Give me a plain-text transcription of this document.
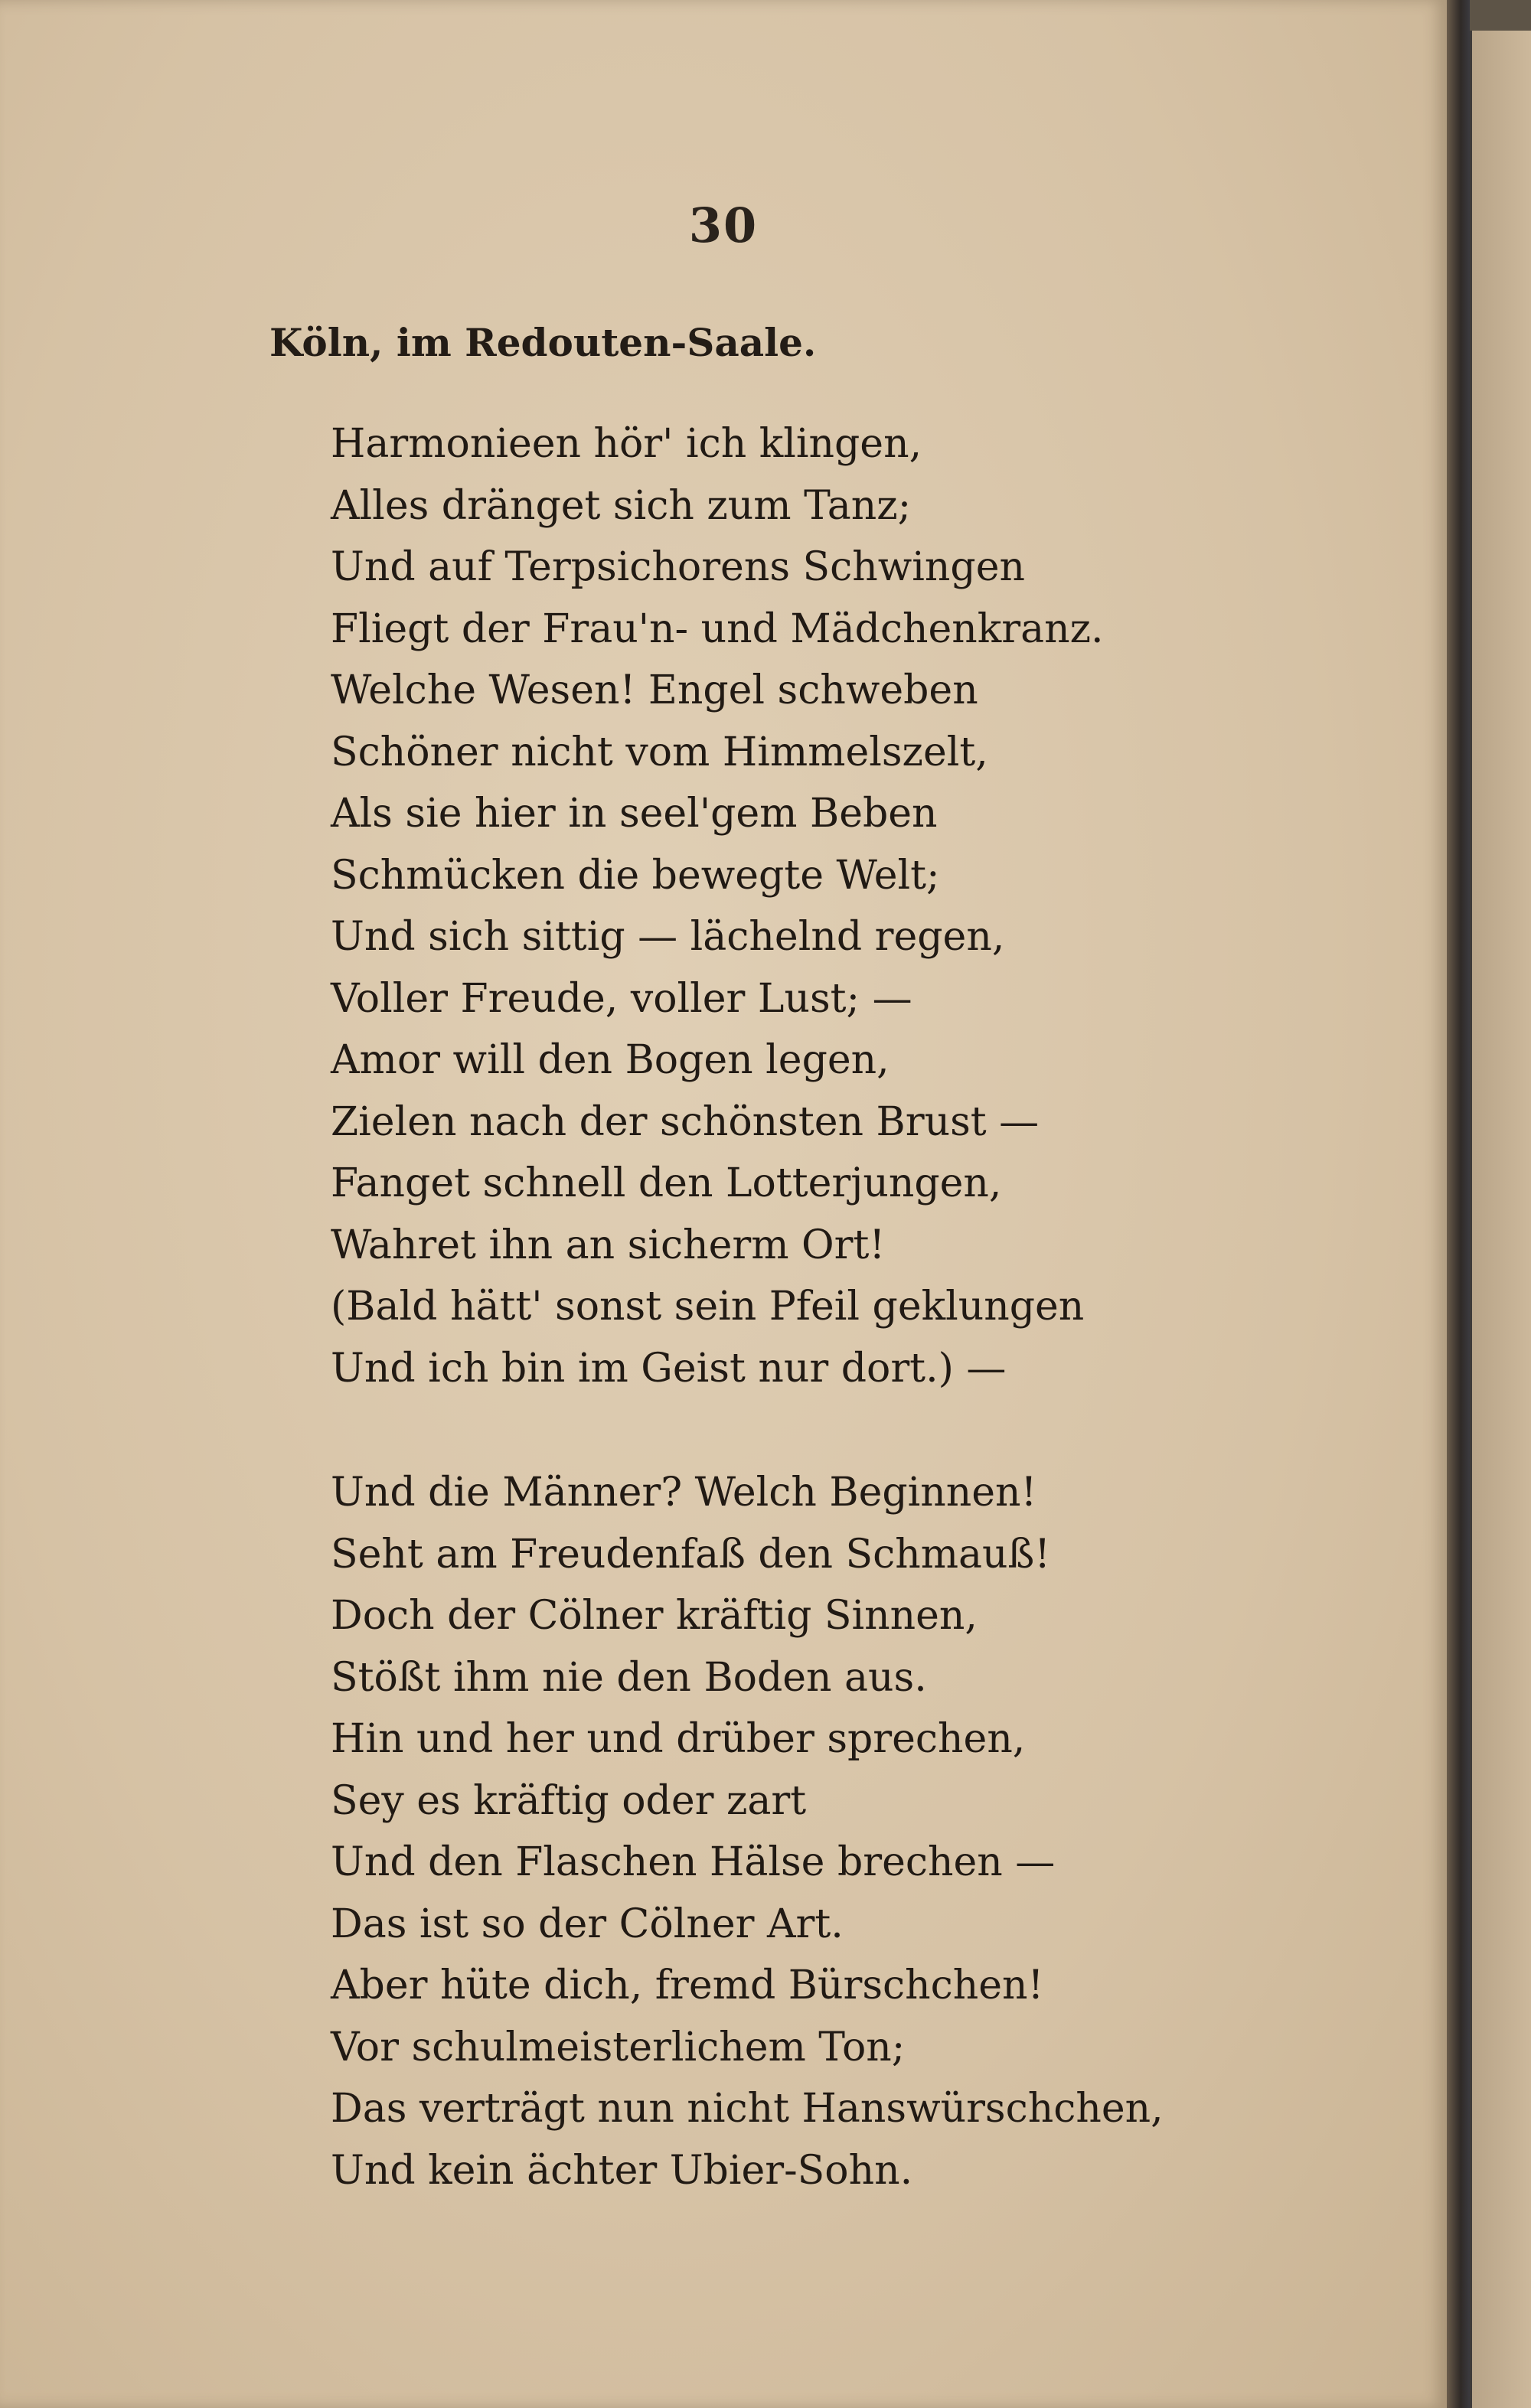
30
Köln, im Redouten-Saale.
Harmonieen hör' ich klingen,
Alles dränget sich zum Tanz;
Und auf Terpsichorens Schwingen
Fliegt der Frau'n- und Mädchenkranz.
Welche Wesen! Engel schweben
Schöner nicht vom Himmelszelt,
Als sie hier in seel'gem Beben
Schmücken die bewegte Welt;
Und sich sittig — lächelnd regen,
Voller Freude, voller Lust; —
Amor will den Bogen legen,
Zielen nach der schönsten Brust —
Fanget schnell den Lotterjungen,
Wahret ihn an sicherm Ort!
(Bald hätt' sonst sein Pfeil geklungen
Und ich bin im Geist nur dort.) —
Und die Männer? Welch Beginnen!
Seht am Freudenfaß den Schmauß!
Doch der Cölner kräftig Sinnen,
Stößt ihm nie den Boden aus.
Hin und her und drüber sprechen,
Sey es kräftig oder zart
Und den Flaschen Hälse brechen —
Das ist so der Cölner Art.
Aber hüte dich, fremd Bürschchen!
Vor schulmeisterlichem Ton;
Das verträgt nun nicht Hanswürschchen,
Und kein ächter Ubier-Sohn.
